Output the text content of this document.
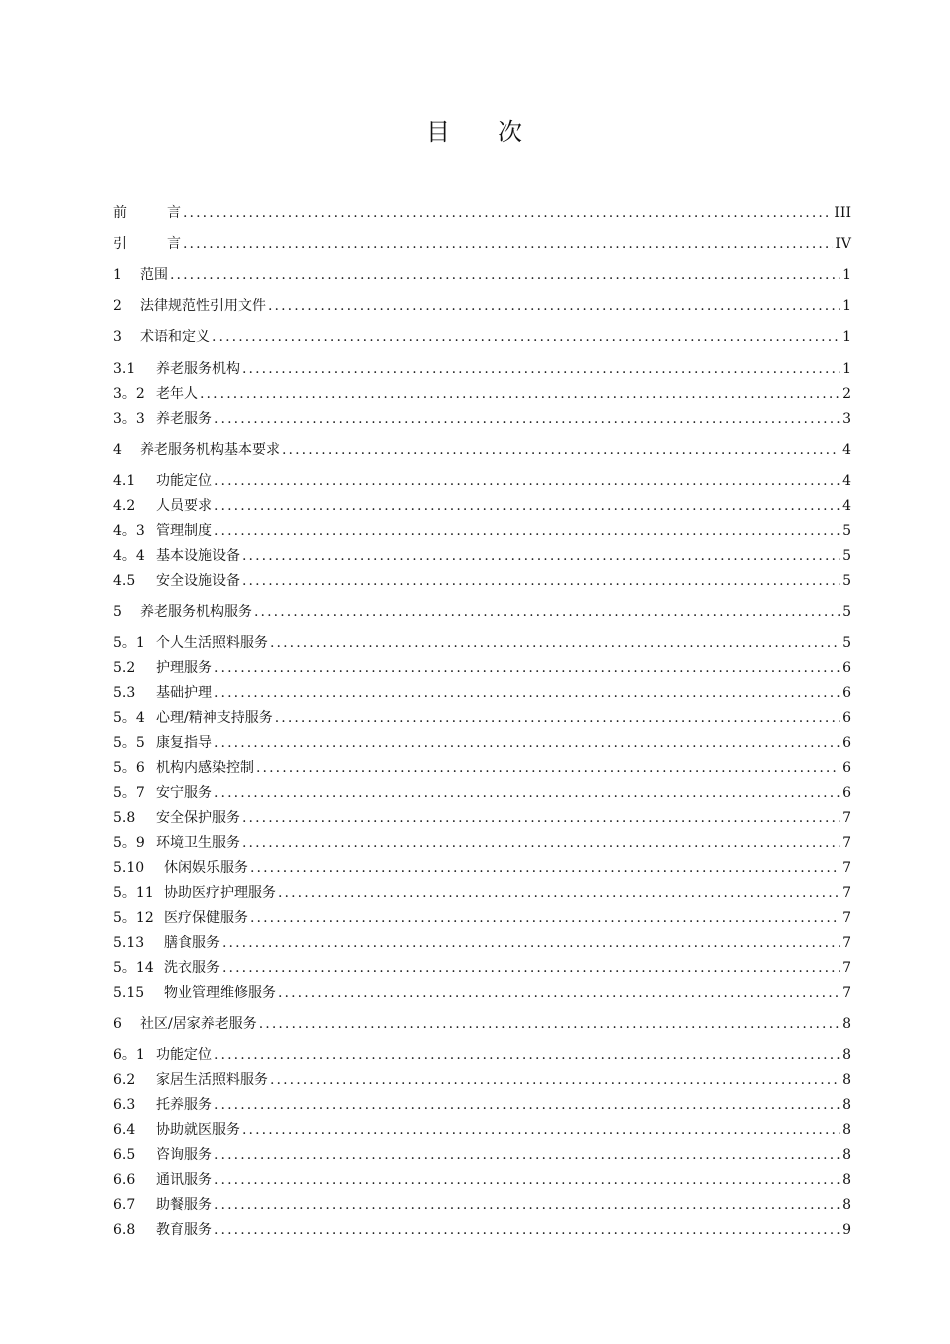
目 次
前	言 .....	III
引	言 .....	IV
1	范围 .....	1
2	法律规范性引用文件 .....	1
3	术语和定义 .....	1
3.1	养老服务机构 .....	1
3。2 老年人 .....	2
3。3 养老服务 .....	3
4	养老服务机构基本要求 .....	4
4.1	功能定位 .....	4
4.2	人员要求 .....	4
4。3 管理制度 .....	5
4。4 基本设施设备 .....	5
4.5	安全设施设备 .....	5
5	养老服务机构服务 .....	5
5。1 个人生活照料服务 .....	5
5.2	护理服务 .....	6
5.3	基础护理 .....	6
5。4 心理/精神支持服务 .....	6
5。5 康复指导 .....	6
5。6 机构内感染控制 .....	6
5。7 安宁服务 .....	6
5.8	安全保护服务 .....	7
5。9 环境卫生服务 .....	7
5.10	休闲娱乐服务 .....	7
5。11 协助医疗护理服务 .....	7
5。12 医疗保健服务 .....	7
5.13	膳食服务 .....	7
5。14 洗衣服务 .....	7
5.15	物业管理维修服务 .....	7
6	社区/居家养老服务 .....	8
6。1 功能定位 .....	8
6.2	家居生活照料服务 .....	8
6.3	托养服务 .....	8
6.4	协助就医服务 .....	8
6.5	咨询服务 .....	8
6.6	通讯服务 .....	8
6.7	助餐服务 .....	8
6.8	教育服务 .....	9
